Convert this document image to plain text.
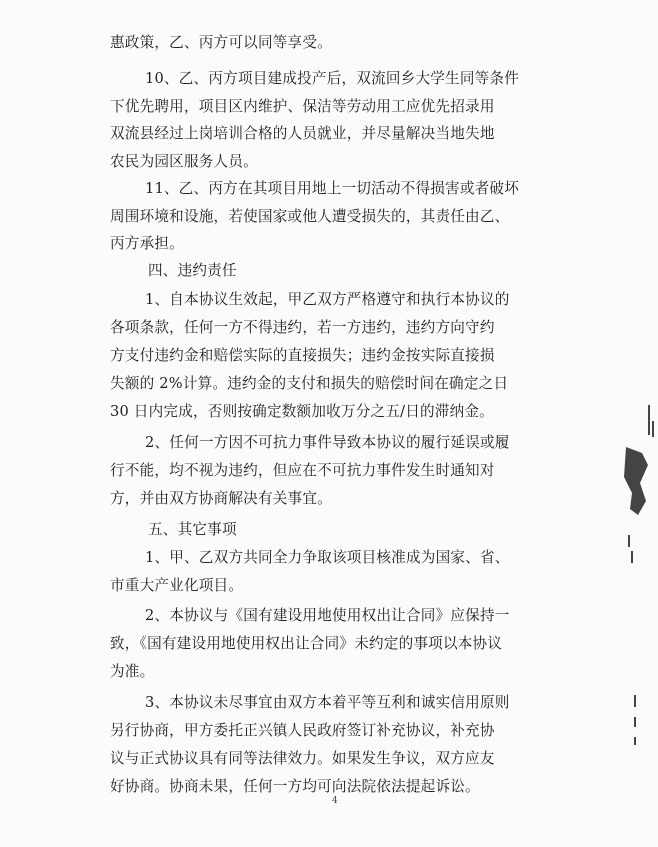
惠政策，乙、丙方可以同等享受。
10、乙、丙方项目建成投产后，双流回乡大学生同等条件
下优先聘用，项目区内维护、保洁等劳动用工应优先招录用
双流县经过上岗培训合格的人员就业，并尽量解决当地失地
农民为园区服务人员。
11、乙、丙方在其项目用地上一切活动不得损害或者破坏
周围环境和设施，若使国家或他人遭受损失的，其责任由乙、
丙方承担。
四、违约责任
1、自本协议生效起，甲乙双方严格遵守和执行本协议的
各项条款，任何一方不得违约，若一方违约，违约方向守约
方支付违约金和赔偿实际的直接损失；违约金按实际直接损
失额的 2%计算。违约金的支付和损失的赔偿时间在确定之日
30 日内完成，否则按确定数额加收万分之五/日的滞纳金。
2、任何一方因不可抗力事件导致本协议的履行延误或履
行不能，均不视为违约，但应在不可抗力事件发生时通知对
方，并由双方协商解决有关事宜。
五、其它事项
1、甲、乙双方共同全力争取该项目核准成为国家、省、
市重大产业化项目。
2、本协议与《国有建设用地使用权出让合同》应保持一
致，《国有建设用地使用权出让合同》未约定的事项以本协议
为准。
3、本协议未尽事宜由双方本着平等互利和诚实信用原则
另行协商，甲方委托正兴镇人民政府签订补充协议，补充协
议与正式协议具有同等法律效力。如果发生争议，双方应友
好协商。协商未果，任何一方均可向法院依法提起诉讼。
4
